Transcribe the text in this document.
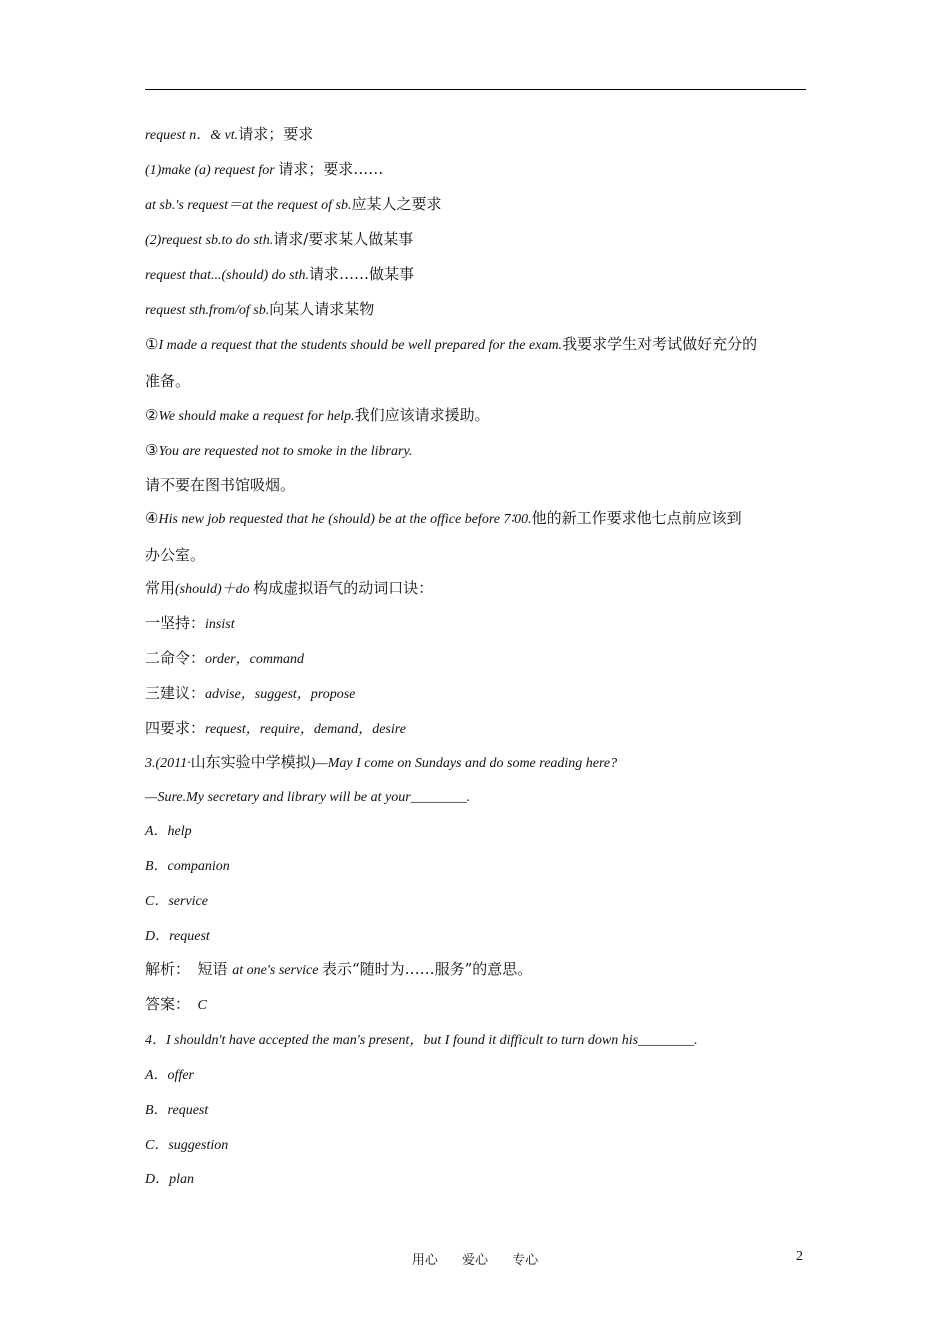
request n．& vt.请求；要求
(1)make (a) request for 请求；要求……
at sb.'s request＝at the request of sb.应某人之要求
(2)request sb.to do sth.请求/要求某人做某事
request that...(should) do sth.请求……做某事
request sth.from/of sb.向某人请求某物
①I made a request that the students should be well prepared for the exam.我要求学生对考试做好充分的
准备。
②We should make a request for help.我们应该请求援助。
③You are requested not to smoke in the library.
请不要在图书馆吸烟。
④His new job requested that he (should) be at the office before 7∶00.他的新工作要求他七点前应该到
办公室。
常用(should)＋do 构成虚拟语气的动词口诀：
一坚持：insist
二命令：order，command
三建议：advise，suggest，propose
四要求：request，require，demand，desire
3.(2011·山东实验中学模拟)—May I come on Sundays and do some reading here?
—Sure.My secretary and library will be at your________.
A．help
B．companion
C．service
D．request
解析：　短语 at one's service 表示“随时为……服务”的意思。
答案：　C
4．I shouldn't have accepted the man's present，but I found it difficult to turn down his________.
A．offer
B．request
C．suggestion
D．plan
用心 爱心 专心	2
